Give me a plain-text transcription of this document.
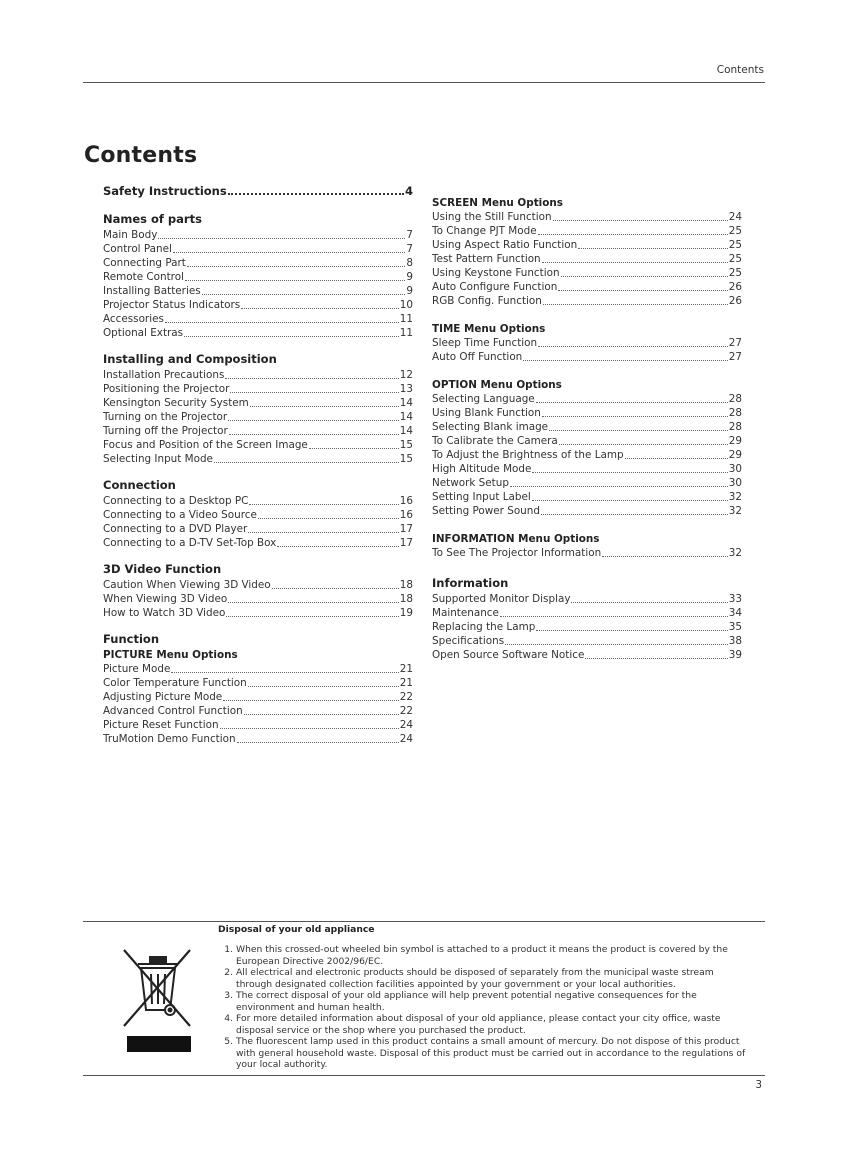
Contents
Contents
Safety Instructions	4
Names of parts
Main Body	7
Control Panel	7
Connecting Part	8
Remote Control	9
Installing Batteries	9
Projector Status Indicators	10
Accessories	11
Optional Extras	11
Installing and Composition
Installation Precautions	12
Positioning the Projector	13
Kensington Security System	14
Turning on the Projector	14
Turning off the Projector	14
Focus and Position of the Screen Image	15
Selecting Input Mode	15
Connection
Connecting to a Desktop PC	16
Connecting to a Video Source	16
Connecting to a DVD Player	17
Connecting to a D-TV Set-Top Box	17
3D Video Function
Caution When Viewing 3D Video	18
When Viewing 3D Video	18
How to Watch 3D Video	19
Function
PICTURE Menu Options
Picture Mode	21
Color Temperature Function	21
Adjusting Picture Mode	22
Advanced Control Function	22
Picture Reset Function	24
TruMotion Demo Function	24
SCREEN Menu Options
Using the Still Function	24
To Change PJT Mode	25
Using Aspect Ratio Function	25
Test Pattern Function	25
Using Keystone Function	25
Auto Configure Function	26
RGB Config. Function	26
TIME Menu Options
Sleep Time Function	27
Auto Off Function	27
OPTION Menu Options
Selecting Language	28
Using Blank Function	28
Selecting Blank image	28
To Calibrate the Camera	29
To Adjust the Brightness of the Lamp	29
High Altitude Mode	30
Network Setup	30
Setting Input Label	32
Setting Power Sound	32
INFORMATION Menu Options
To See The Projector Information	32
Information
Supported Monitor Display	33
Maintenance	34
Replacing the Lamp	35
Specifications	38
Open Source Software Notice	39
Disposal of your old appliance
1. When this crossed-out wheeled bin symbol is attached to a product it means the product is covered by the European Directive 2002/96/EC.
2. All electrical and electronic products should be disposed of separately from the municipal waste stream through designated collection facilities appointed by your government or your local authorities.
3. The correct disposal of your old appliance will help prevent potential negative consequences for the environment and human health.
4. For more detailed information about disposal of your old appliance, please contact your city office, waste disposal service or the shop where you purchased the product.
5. The fluorescent lamp used in this product contains a small amount of mercury. Do not dispose of this product with general household waste. Disposal of this product must be carried out in accordance to the regulations of your local authority.
3
